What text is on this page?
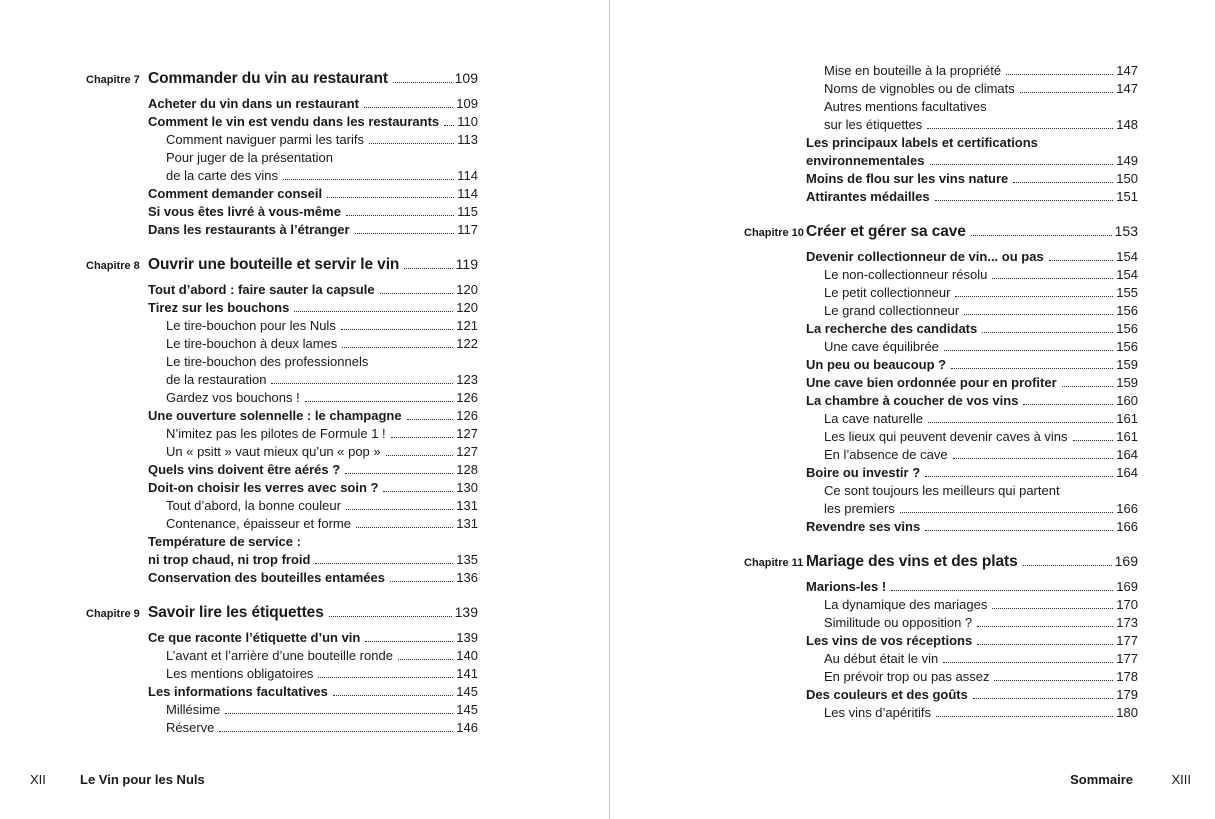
Chapitre 7 Commander du vin au restaurant	109
Acheter du vin dans un restaurant	109
Comment le vin est vendu dans les restaurants 110
Comment naviguer parmi les tarifs	113
Pour juger de la présentation
de la carte des vins	114
Comment demander conseil	114
Si vous êtes livré à vous-même	115
Dans les restaurants à l’étranger	117
Chapitre 8 Ouvrir une bouteille et servir le vin	119
Tout d’abord : faire sauter la capsule	120
Tirez sur les bouchons	120
Le tire-bouchon pour les Nuls	121
Le tire-bouchon à deux lames	122
Le tire-bouchon des professionnels
de la restauration	123
Gardez vos bouchons !	126
Une ouverture solennelle : le champagne	126
N’imitez pas les pilotes de Formule 1 !	127
Un « psitt » vaut mieux qu’un « pop »	127
Quels vins doivent être aérés ?	128
Doit-on choisir les verres avec soin ?	130
Tout d’abord, la bonne couleur	131
Contenance, épaisseur et forme	131
Température de service :
ni trop chaud, ni trop froid	135
Conservation des bouteilles entamées	136
Chapitre 9 Savoir lire les étiquettes	139
Ce que raconte l’étiquette d’un vin	139
L’avant et l’arrière d’une bouteille ronde	140
Les mentions obligatoires	141
Les informations facultatives	145
Millésime	145
Réserve	146
Mise en bouteille à la propriété	147
Noms de vignobles ou de climats	147
Autres mentions facultatives
sur les étiquettes	148
Les principaux labels et certifications
environnementales	149
Moins de flou sur les vins nature	150
Attirantes médailles	151
Chapitre 10 Créer et gérer sa cave	153
Devenir collectionneur de vin... ou pas	154
Le non-collectionneur résolu	154
Le petit collectionneur	155
Le grand collectionneur	156
La recherche des candidats	156
Une cave équilibrée	156
Un peu ou beaucoup ?	159
Une cave bien ordonnée pour en profiter	159
La chambre à coucher de vos vins	160
La cave naturelle	161
Les lieux qui peuvent devenir caves à vins	161
En l’absence de cave	164
Boire ou investir ?	164
Ce sont toujours les meilleurs qui partent
les premiers	166
Revendre ses vins	166
Chapitre 11 Mariage des vins et des plats	169
Marions-les !	169
La dynamique des mariages	170
Similitude ou opposition ?	173
Les vins de vos réceptions	177
Au début était le vin	177
En prévoir trop ou pas assez	178
Des couleurs et des goûts	179
Les vins d’apéritifs	180
XII	Le Vin pour les Nuls	Sommaire	XIII
